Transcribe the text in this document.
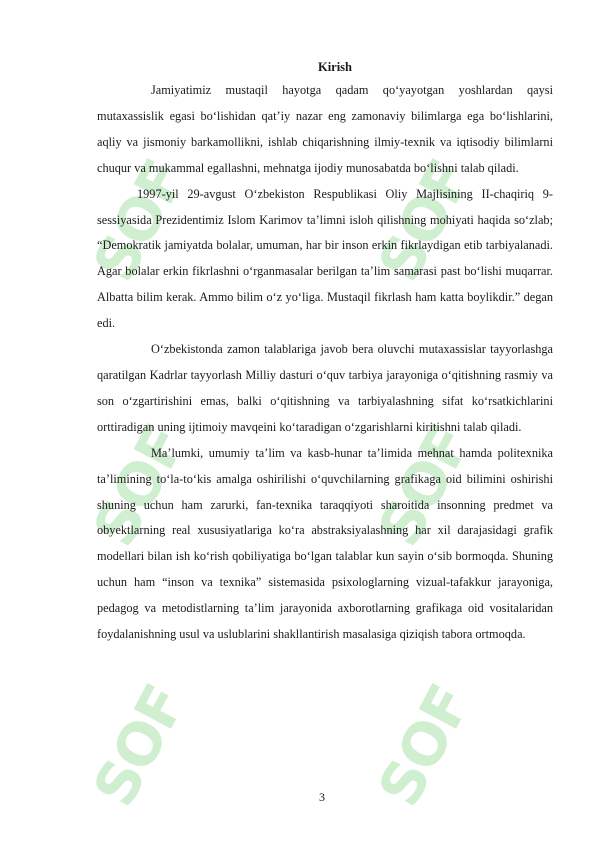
SOF	SOF
SOF	SOF
SOF	SOF
Kirish

Jamiyatimiz mustaqil hayotga qadam qo‘yayotgan yoshlardan qaysi mutaxassislik egasi bo‘lishidan qat’iy nazar eng zamonaviy bilimlarga ega bo‘lishlarini, aqliy va jismoniy barkamollikni, ishlab chiqarishning ilmiy-texnik va iqtisodiy bilimlarni chuqur va mukammal egallashni, mehnatga ijodiy munosabatda bo‘lishni talab qiladi.

1997-yil 29-avgust O‘zbekiston Respublikasi Oliy Majlisining II-chaqiriq 9-sessiyasida Prezidentimiz Islom Karimov ta’limni isloh qilishning mohiyati haqida so‘zlab; “Demokratik jamiyatda bolalar, umuman, har bir inson erkin fikrlaydigan etib tarbiyalanadi. Agar bolalar erkin fikrlashni o‘rganmasalar berilgan ta’lim samarasi past bo‘lishi muqarrar. Albatta bilim kerak. Ammo bilim o‘z yo‘liga. Mustaqil fikrlash ham katta boylikdir.” degan edi.

O‘zbekistonda zamon talablariga javob bera oluvchi mutaxassislar tayyorlashga qaratilgan Kadrlar tayyorlash Milliy dasturi o‘quv tarbiya jarayoniga o‘qitishning rasmiy va son o‘zgartirishini emas, balki o‘qitishning va tarbiyalashning sifat ko‘rsatkichlarini orttiradigan uning ijtimoiy mavqeini ko‘taradigan o‘zgarishlarni kiritishni talab qiladi.

Ma’lumki, umumiy ta’lim va kasb-hunar ta’limida mehnat hamda politexnika ta’limining to‘la-to‘kis amalga oshirilishi o‘quvchilarning grafikaga oid bilimini oshirishi shuning uchun ham zarurki, fan-texnika taraqqiyoti sharoitida insonning predmet va obyektlarning real xususiyatlariga ko‘ra abstraksiyalashning har xil darajasidagi grafik modellari bilan ish ko‘rish qobiliyatiga bo‘lgan talablar kun sayin o‘sib bormoqda. Shuning uchun ham “inson va texnika” sistemasida psixologlarning vizual-tafakkur jarayoniga, pedagog va metodistlarning ta’lim jarayonida axborotlarning grafikaga oid vositalaridan foydalanishning usul va uslublarini shakllantirish masalasiga qiziqish tabora ortmoqda.

3
